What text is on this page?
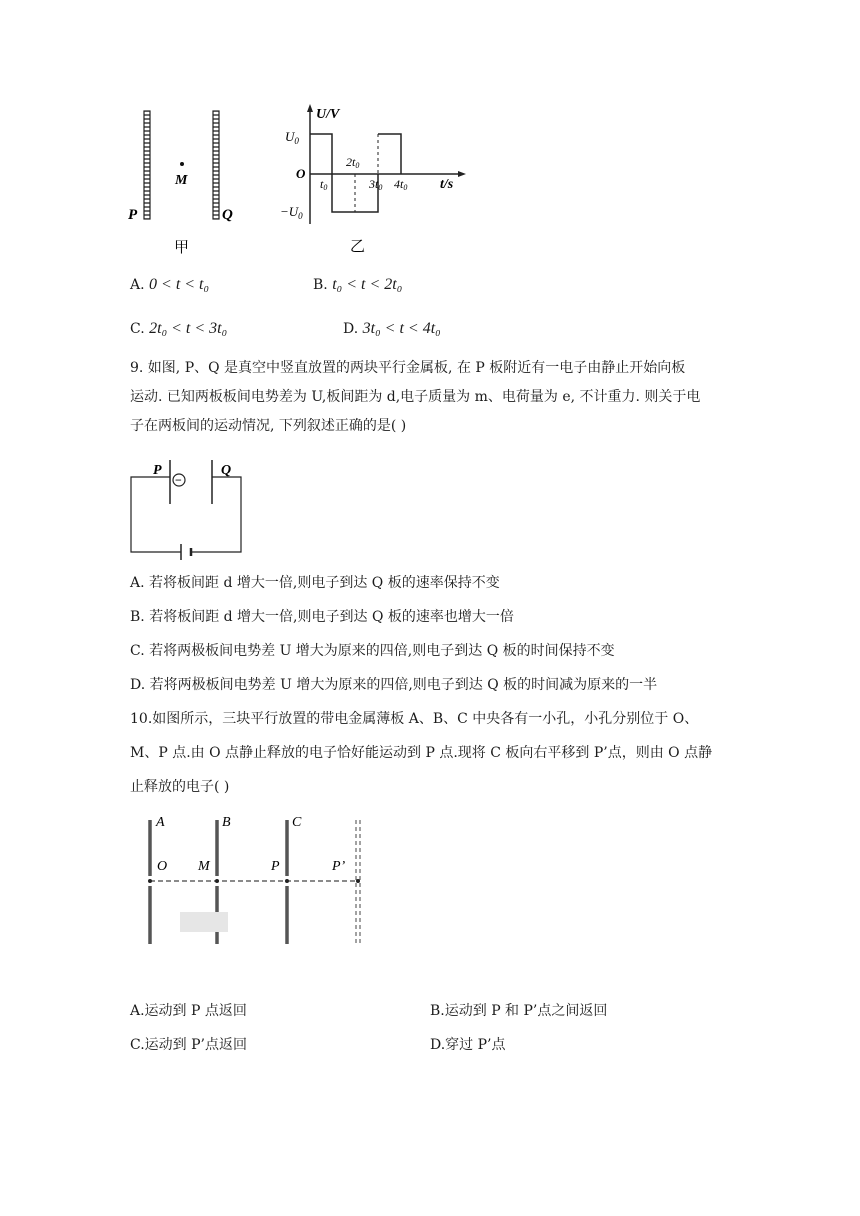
M
P	Q
甲
U/V
t/s
O
$U_0$
$-U_0$
t0
2t0
3t0 4t0
乙
A. 0 < t < t₀	B. t₀ < t < 2t₀
C. 2t₀ < t < 3t₀	D. 3t₀ < t < 4t₀
9. 如图, P、Q 是真空中竖直放置的两块平行金属板, 在 P 板附近有一电子由静止开始向板
运动. 已知两板板间电势差为 U,板间距为 d,电子质量为 m、电荷量为 e, 不计重力. 则关于电
子在两板间的运动情况, 下列叙述正确的是( )
P	Q
−
A. 若将板间距 d 增大一倍,则电子到达 Q 板的速率保持不变
B. 若将板间距 d 增大一倍,则电子到达 Q 板的速率也增大一倍
C. 若将两极板间电势差 U 增大为原来的四倍,则电子到达 Q 板的时间保持不变
D. 若将两极板间电势差 U 增大为原来的四倍,则电子到达 Q 板的时间减为原来的一半
10.如图所示，三块平行放置的带电金属薄板 A、B、C 中央各有一小孔，小孔分别位于 O、
M、P 点.由 O 点静止释放的电子恰好能运动到 P 点.现将 C 板向右平移到 P’点，则由 O 点静
止释放的电子( )
A	B	C
O M	P	P’
A.运动到 P 点返回	B.运动到 P 和 P’点之间返回
C.运动到 P’点返回	D.穿过 P’点
